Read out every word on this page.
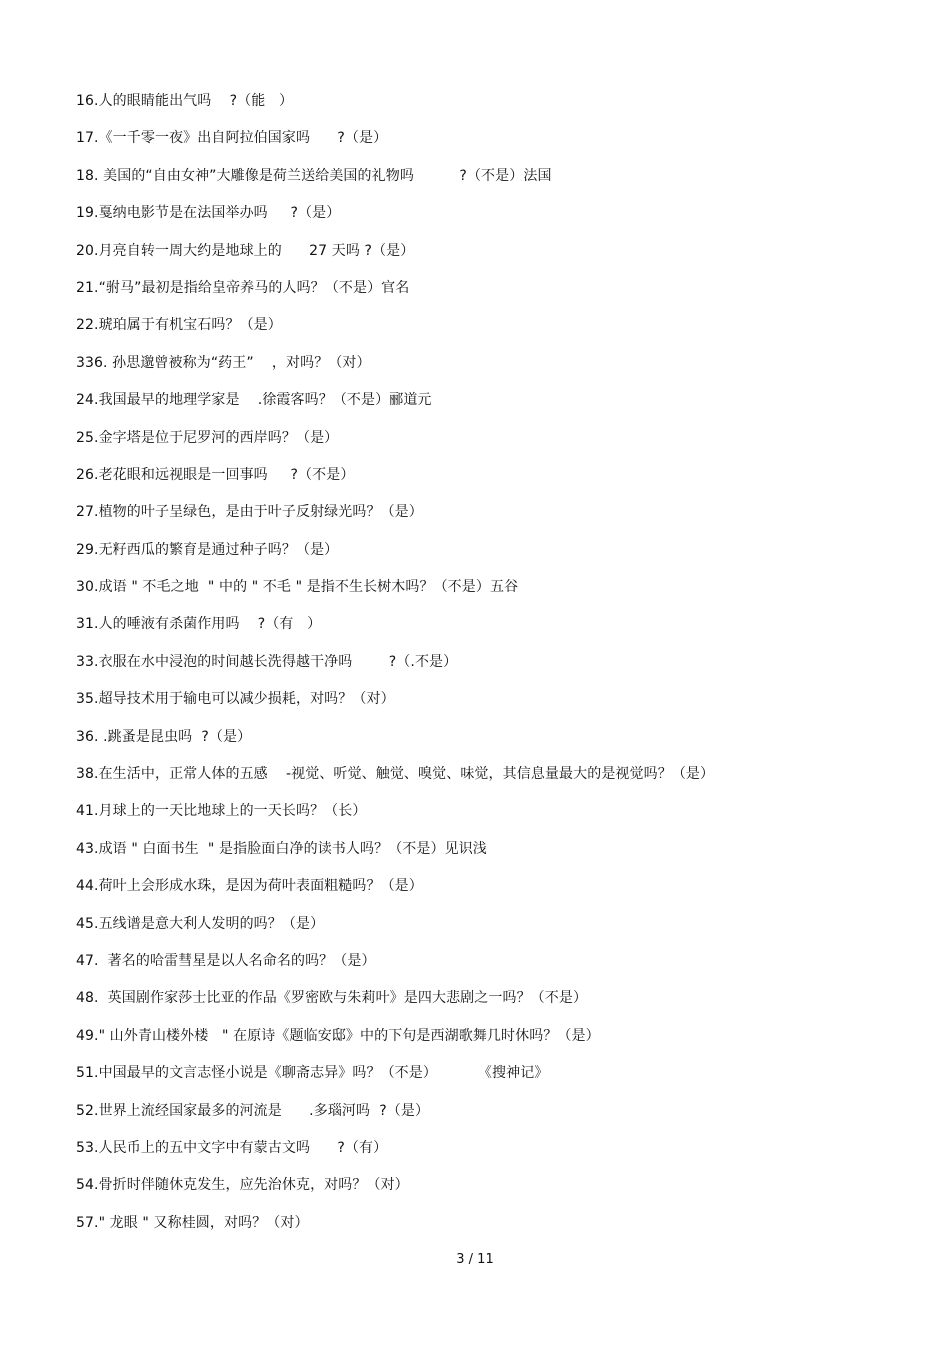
16.人的眼睛能出气吗    ?（能   ）
17.《一千零一夜》出自阿拉伯国家吗      ?（是）
18. 美国的“自由女神”大雕像是荷兰送给美国的礼物吗          ?（不是）法国
19.戛纳电影节是在法国举办吗     ?（是）
20.月亮自转一周大约是地球上的      27 天吗 ?（是）
21.“驸马”最初是指给皇帝养马的人吗？（不是）官名
22.琥珀属于有机宝石吗？（是）
336. 孙思邈曾被称为“药王”    ，对吗？（对）
24.我国最早的地理学家是    .徐霞客吗？（不是）郦道元
25.金字塔是位于尼罗河的西岸吗？（是）
26.老花眼和远视眼是一回事吗     ?（不是）
27.植物的叶子呈绿色，是由于叶子反射绿光吗？（是）
29.无籽西瓜的繁育是通过种子吗？（是）
30.成语 " 不毛之地  " 中的 " 不毛 " 是指不生长树木吗？（不是）五谷
31.人的唾液有杀菌作用吗    ?（有   ）
33.衣服在水中浸泡的时间越长洗得越干净吗        ?（.不是）
35.超导技术用于输电可以减少损耗，对吗？（对）
36. .跳蚤是昆虫吗  ?（是）
38.在生活中，正常人体的五感    -视觉、听觉、触觉、嗅觉、味觉，其信息量最大的是视觉吗？（是）
41.月球上的一天比地球上的一天长吗？（长）
43.成语 " 白面书生  " 是指脸面白净的读书人吗？（不是）见识浅
44.荷叶上会形成水珠，是因为荷叶表面粗糙吗？（是）
45.五线谱是意大利人发明的吗？（是）
47.  著名的哈雷彗星是以人名命名的吗？（是）
48.  英国剧作家莎士比亚的作品《罗密欧与朱莉叶》是四大悲剧之一吗？（不是）
49." 山外青山楼外楼   " 在原诗《题临安邸》中的下句是西湖歌舞几时休吗？（是）
51.中国最早的文言志怪小说是《聊斋志异》吗？（不是）         《搜神记》
52.世界上流经国家最多的河流是      .多瑙河吗  ?（是）
53.人民币上的五中文字中有蒙古文吗      ?（有）
54.骨折时伴随休克发生，应先治休克，对吗？（对）
57." 龙眼 " 又称桂圆，对吗？（对）
3 / 11
